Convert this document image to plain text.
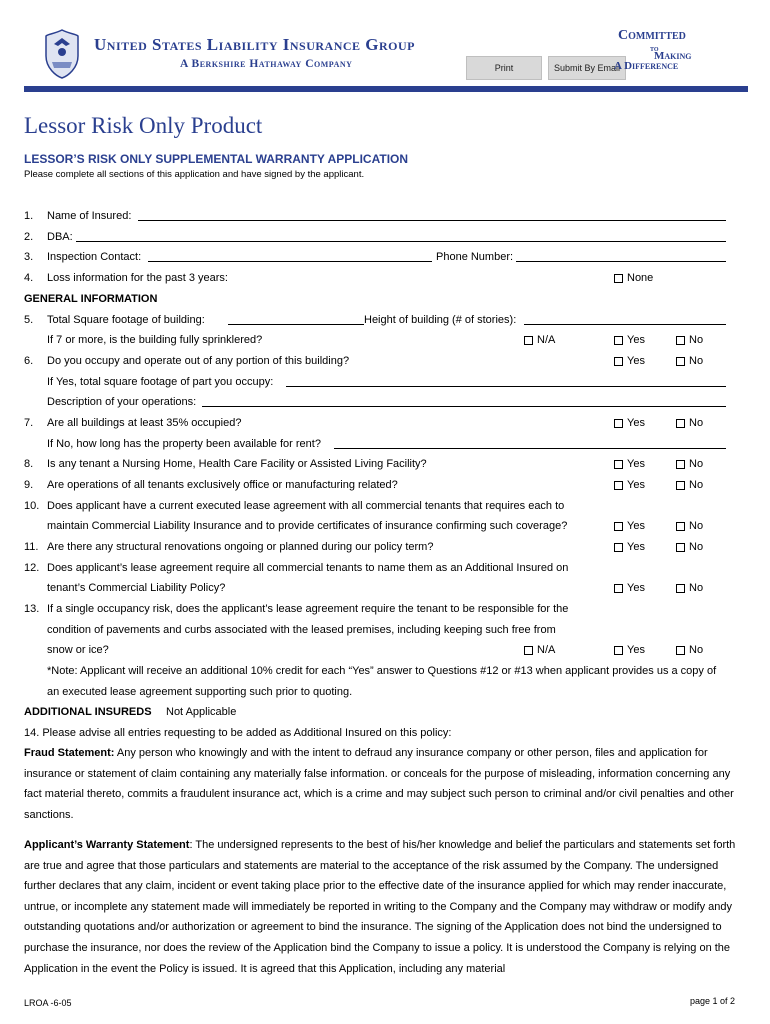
United States Liability Insurance Group
A Berkshire Hathaway Company	Print	Submit By Email
Committed
to
Making
A Difference
Lessor Risk Only Product
LESSOR’S RISK ONLY SUPPLEMENTAL WARRANTY APPLICATION
Please complete all sections of this application and have signed by the applicant.
1. Name of Insured:
2. DBA:
3. Inspection Contact:	Phone Number:
4. Loss information for the past 3 years:	None
GENERAL INFORMATION
5. Total Square footage of building:	Height of building (# of stories):
If 7 or more, is the building fully sprinklered?	N/A	Yes	No
6. Do you occupy and operate out of any portion of this building?	Yes	No
If Yes, total square footage of part you occupy:
Description of your operations:
7. Are all buildings at least 35% occupied?	Yes	No
If No, how long has the property been available for rent?
8. Is any tenant a Nursing Home, Health Care Facility or Assisted Living Facility?	Yes	No
9. Are operations of all tenants exclusively office or manufacturing related?	Yes	No
10. Does applicant have a current executed lease agreement with all commercial tenants that requires each to
maintain Commercial Liability Insurance and to provide certificates of insurance confirming such coverage?	Yes	No
11. Are there any structural renovations ongoing or planned during our policy term?	Yes	No
12. Does applicant’s lease agreement require all commercial tenants to name them as an Additional Insured on
tenant’s Commercial Liability Policy?	Yes	No
13. If a single occupancy risk, does the applicant’s lease agreement require the tenant to be responsible for the
condition of pavements and curbs associated with the leased premises, including keeping such free from
snow or ice?	N/A	Yes	No
*Note: Applicant will receive an additional 10% credit for each “Yes” answer to Questions #12 or #13 when applicant provides us a copy of
an executed lease agreement supporting such prior to quoting.
ADDITIONAL INSUREDS Not Applicable
14. Please advise all entries requesting to be added as Additional Insured on this policy:
Fraud Statement: Any person who knowingly and with the intent to defraud any insurance company or other person, files and application for insurance or statement of claim containing any materially false information. or conceals for the purpose of misleading, information concerning any fact material thereto, commits a fraudulent insurance act, which is a crime and may subject such person to criminal and/or civil penalties and other sanctions.
Applicant’s Warranty Statement: The undersigned represents to the best of his/her knowledge and belief the particulars and statements set forth are true and agree that those particulars and statements are material to the acceptance of the risk assumed by the Company. The undersigned further declares that any claim, incident or event taking place prior to the effective date of the insurance applied for which may render inaccurate, untrue, or incomplete any statement made will immediately be reported in writing to the Company and the Company may withdraw or modify andy outstanding quotations and/or authorization or agreement to bind the insurance. The signing of the Application does not bind the undersigned to purchase the insurance, nor does the review of the Application bind the Company to issue a policy. It is understood the Company is relying on the Application in the event the Policy is issued. It is agreed that this Application, including any material
LROA -6-05	page 1 of 2
